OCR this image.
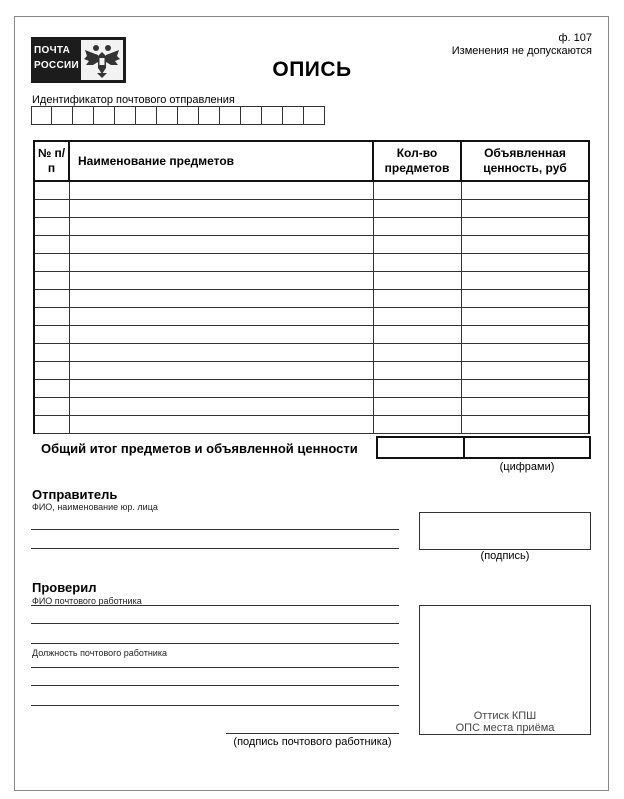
ПОЧТА
РОССИИ
ф. 107
Изменения не допускаются
ОПИСЬ
Идентификатор почтового отправления
№ п/п	Наименование предметов	Кол-во предметов	Объявленная ценность, руб

Общий итог предметов и объявленной ценности
(цифрами)
Отправитель
ФИО, наименование юр. лица
(подпись)
Проверил
ФИО почтового работника
Должность почтового работника
(подпись почтового работника)
Оттиск КПШ
ОПС места приёма
